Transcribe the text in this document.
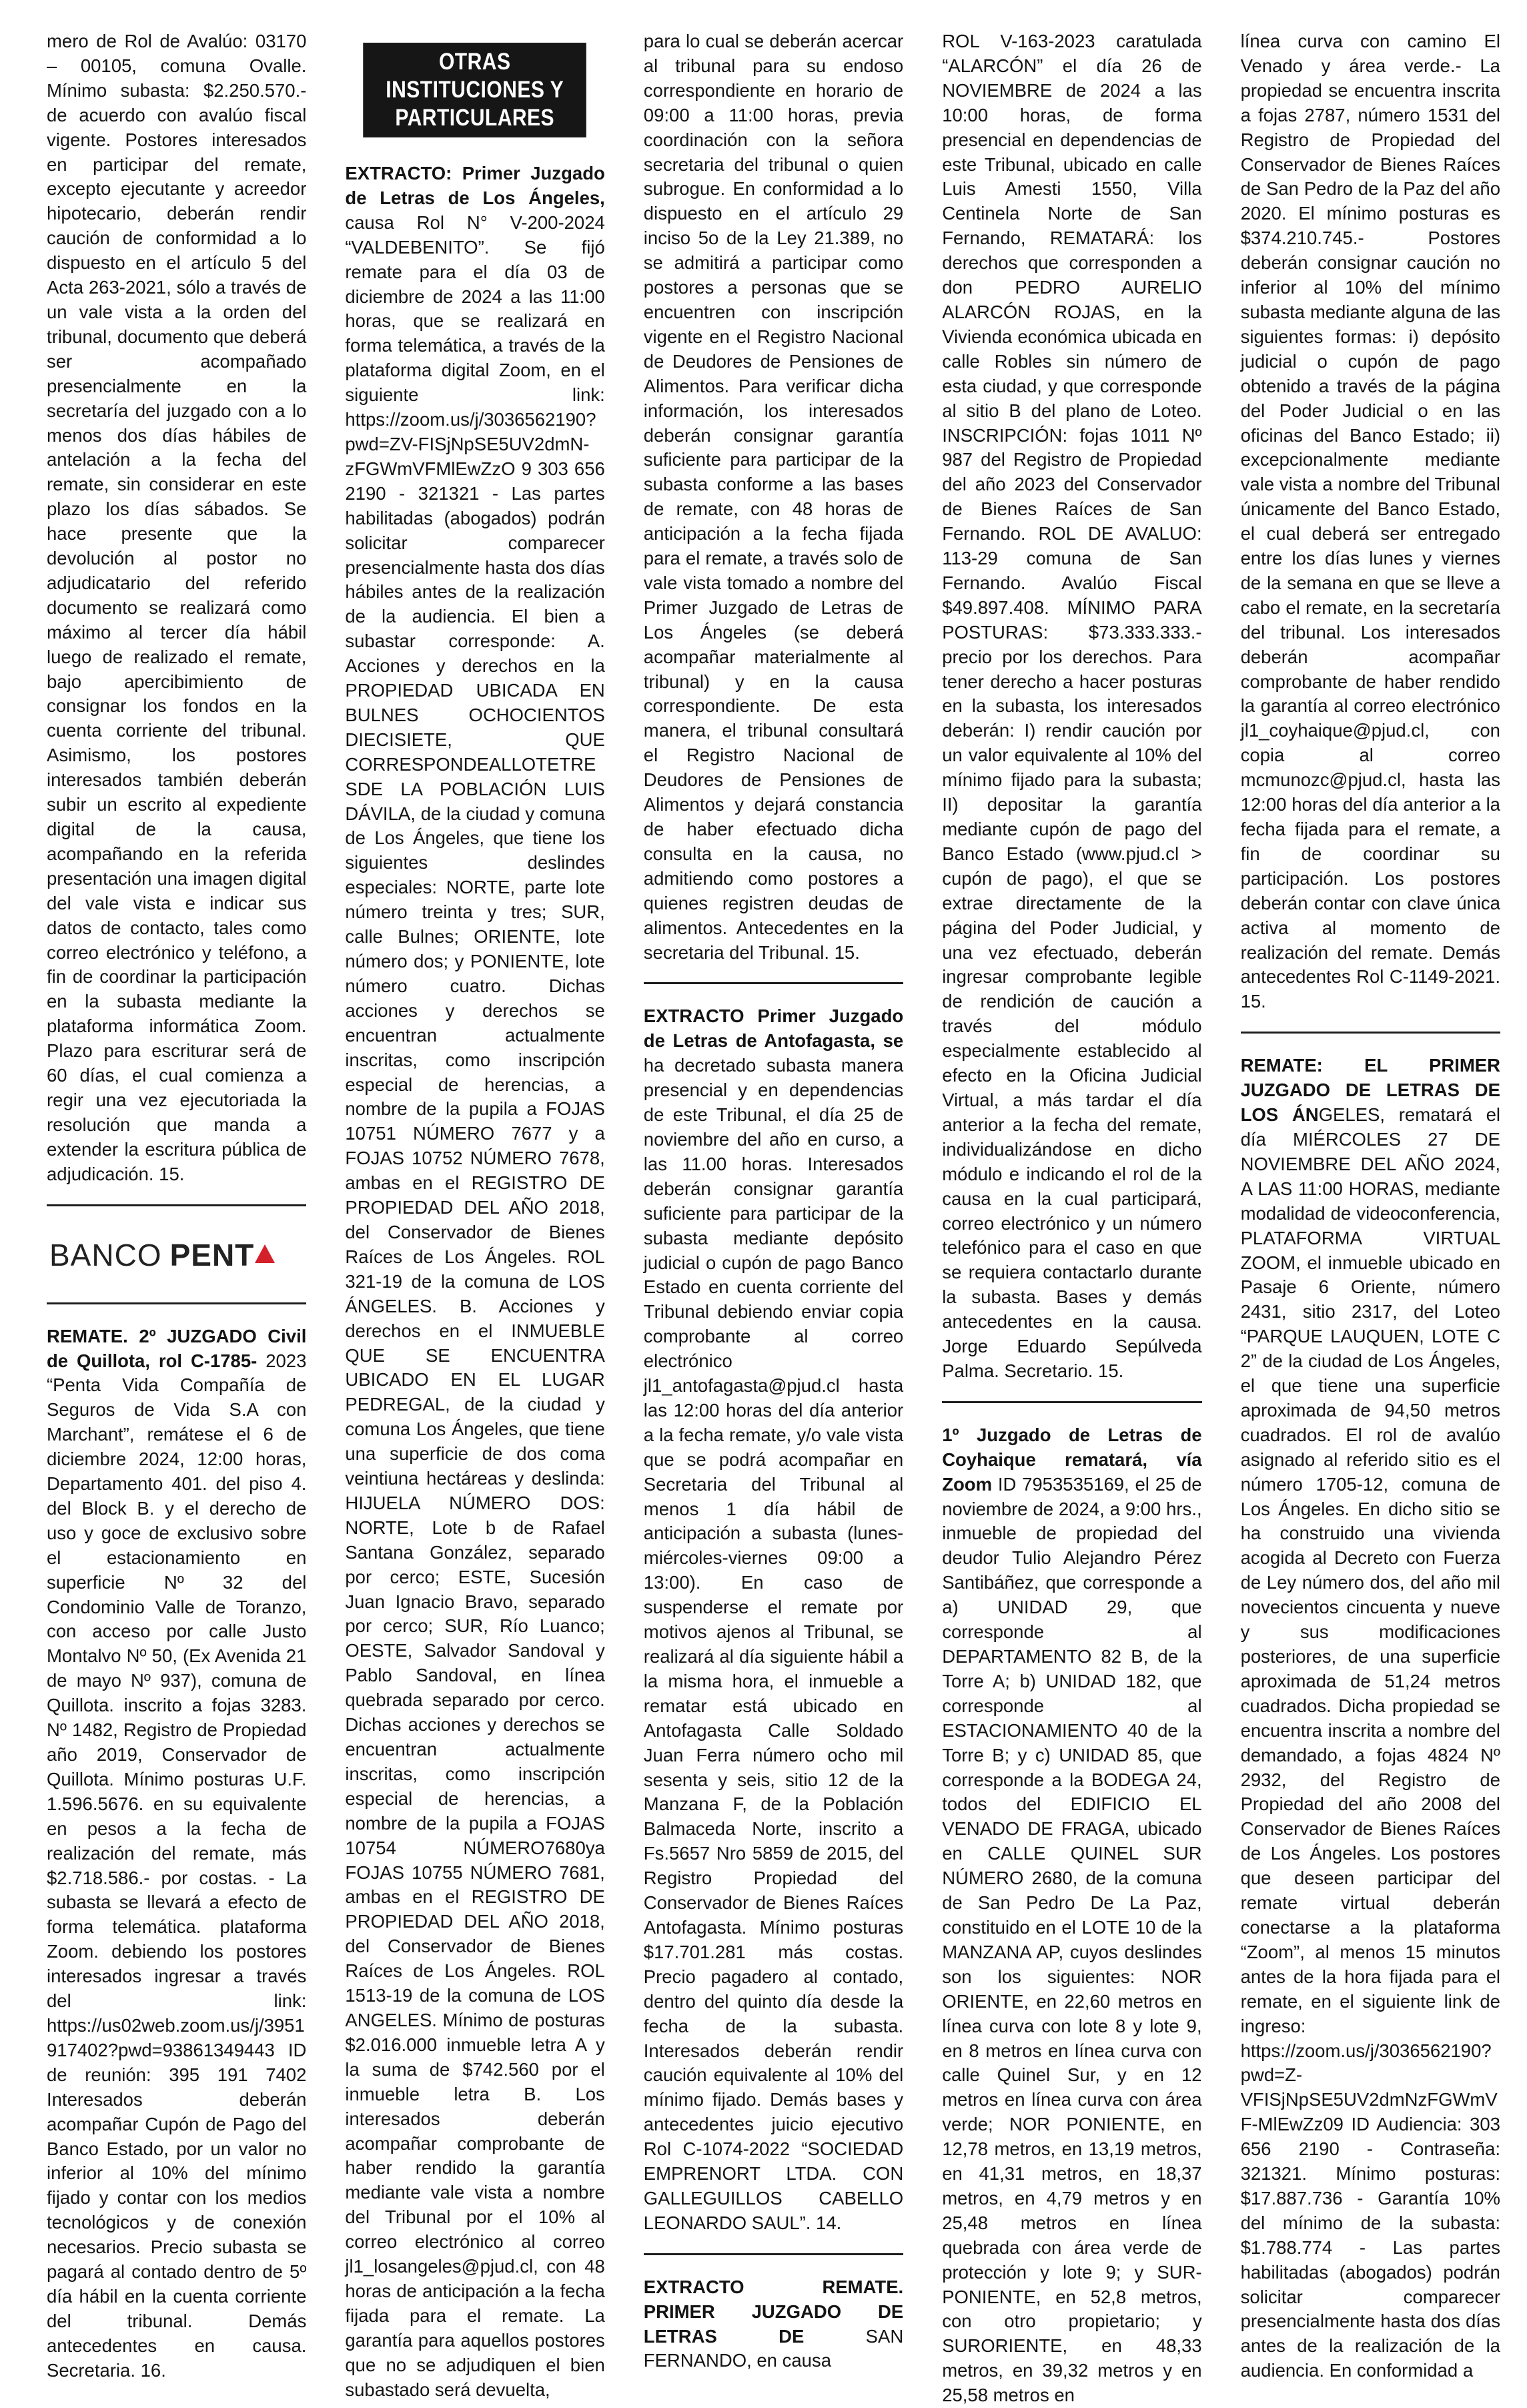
mero de Rol de Avalúo: 03170 – 00105, comuna Ovalle. Mínimo subasta: $2.250.570.- de acuerdo con avalúo fiscal vigente. Postores interesados en participar del remate, excepto ejecutante y acreedor hipotecario, deberán rendir caución de conformidad a lo dispuesto en el artículo 5 del Acta 263-2021, sólo a través de un vale vista a la orden del tribunal, documento que deberá ser acompañado presencialmente en la secretaría del juzgado con a lo menos dos días hábiles de antelación a la fecha del remate, sin considerar en este plazo los días sábados. Se hace presente que la devolución al postor no adjudicatario del referido documento se realizará como máximo al tercer día hábil luego de realizado el remate, bajo apercibimiento de consignar los fondos en la cuenta corriente del tribunal. Asimismo, los postores interesados también deberán subir un escrito al expediente digital de la causa, acompañando en la referida presentación una imagen digital del vale vista e indicar sus datos de contacto, tales como correo electrónico y teléfono, a fin de coordinar la participación en la subasta mediante la plataforma informática Zoom. Plazo para escriturar será de 60 días, el cual comienza a regir una vez ejecutoriada la resolución que manda a extender la escritura pública de adjudicación. 15.

BANCO PENT

REMATE. 2º JUZGADO Civil de Quillota, rol C-1785- 2023 “Penta Vida Compañía de Seguros de Vida S.A con Marchant”, remátese el 6 de diciembre 2024, 12:00 horas, Departamento 401. del piso 4. del Block B. y el derecho de uso y goce de exclusivo sobre el estacionamiento en superficie Nº 32 del Condominio Valle de Toranzo, con acceso por calle Justo Montalvo Nº 50, (Ex Avenida 21 de mayo Nº 937), comuna de Quillota. inscrito a fojas 3283. Nº 1482, Registro de Propiedad año 2019, Conservador de Quillota. Mínimo posturas U.F. 1.596.5676. en su equivalente en pesos a la fecha de realización del remate, más $2.718.586.- por costas. - La subasta se llevará a efecto de forma telemática. plataforma Zoom. debiendo los postores interesados ingresar a través del link: https://us02web.zoom.us/j/3951917402?pwd=93861349443 ID de reunión: 395 191 7402 Interesados deberán acompañar Cupón de Pago del Banco Estado, por un valor no inferior al 10% del mínimo fijado y contar con los medios tecnológicos y de conexión necesarios. Precio subasta se pagará al contado dentro de 5º día hábil en la cuenta corriente del tribunal. Demás antecedentes en causa. Secretaria. 16.

OTRAS INSTITUCIONES Y PARTICULARES

EXTRACTO: Primer Juzgado de Letras de Los Ángeles, causa Rol N° V-200-2024 “VALDEBENITO”. Se fijó remate para el día 03 de diciembre de 2024 a las 11:00 horas, que se realizará en forma telemática, a través de la plataforma digital Zoom, en el siguiente link: https://zoom.us/j/3036562190?pwd=ZV-FISjNpSE5UV2dmN-zFGWmVFMlEwZzO 9 303 656 2190 - 321321 - Las partes habilitadas (abogados) podrán solicitar comparecer presencialmente hasta dos días hábiles antes de la realización de la audiencia. El bien a subastar corresponde: A. Acciones y derechos en la PROPIEDAD UBICADA EN BULNES OCHOCIENTOS DIECISIETE, QUE CORRESPONDEALLOTETRESDE LA POBLACIÓN LUIS DÁVILA, de la ciudad y comuna de Los Ángeles, que tiene los siguientes deslindes especiales: NORTE, parte lote número treinta y tres; SUR, calle Bulnes; ORIENTE, lote número dos; y PONIENTE, lote número cuatro. Dichas acciones y derechos se encuentran actualmente inscritas, como inscripción especial de herencias, a nombre de la pupila a FOJAS 10751 NÚMERO 7677 y a FOJAS 10752 NÚMERO 7678, ambas en el REGISTRO DE PROPIEDAD DEL AÑO 2018, del Conservador de Bienes Raíces de Los Ángeles. ROL 321-19 de la comuna de LOS ÁNGELES. B. Acciones y derechos en el INMUEBLE QUE SE ENCUENTRA UBICADO EN EL LUGAR PEDREGAL, de la ciudad y comuna Los Ángeles, que tiene una superficie de dos coma veintiuna hectáreas y deslinda: HIJUELA NÚMERO DOS: NORTE, Lote b de Rafael Santana González, separado por cerco; ESTE, Sucesión Juan Ignacio Bravo, separado por cerco; SUR, Río Luanco; OESTE, Salvador Sandoval y Pablo Sandoval, en línea quebrada separado por cerco. Dichas acciones y derechos se encuentran actualmente inscritas, como inscripción especial de herencias, a nombre de la pupila a FOJAS 10754 NÚMERO7680ya FOJAS 10755 NÚMERO 7681, ambas en el REGISTRO DE PROPIEDAD DEL AÑO 2018, del Conservador de Bienes Raíces de Los Ángeles. ROL 1513-19 de la comuna de LOS ANGELES. Mínimo de posturas $2.016.000 inmueble letra A y la suma de $742.560 por el inmueble letra B. Los interesados deberán acompañar comprobante de haber rendido la garantía mediante vale vista a nombre del Tribunal por el 10% al correo electrónico al correo jl1_losangeles@pjud.cl, con 48 horas de anticipación a la fecha fijada para el remate. La garantía para aquellos postores que no se adjudiquen el bien subastado será devuelta,

para lo cual se deberán acercar al tribunal para su endoso correspondiente en horario de 09:00 a 11:00 horas, previa coordinación con la señora secretaria del tribunal o quien subrogue. En conformidad a lo dispuesto en el artículo 29 inciso 5o de la Ley 21.389, no se admitirá a participar como postores a personas que se encuentren con inscripción vigente en el Registro Nacional de Deudores de Pensiones de Alimentos. Para verificar dicha información, los interesados deberán consignar garantía suficiente para participar de la subasta conforme a las bases de remate, con 48 horas de anticipación a la fecha fijada para el remate, a través solo de vale vista tomado a nombre del Primer Juzgado de Letras de Los Ángeles (se deberá acompañar materialmente al tribunal) y en la causa correspondiente. De esta manera, el tribunal consultará el Registro Nacional de Deudores de Pensiones de Alimentos y dejará constancia de haber efectuado dicha consulta en la causa, no admitiendo como postores a quienes registren deudas de alimentos. Antecedentes en la secretaria del Tribunal. 15.

EXTRACTO Primer Juzgado de Letras de Antofagasta, se ha decretado subasta manera presencial y en dependencias de este Tribunal, el día 25 de noviembre del año en curso, a las 11.00 horas. Interesados deberán consignar garantía suficiente para participar de la subasta mediante depósito judicial o cupón de pago Banco Estado en cuenta corriente del Tribunal debiendo enviar copia comprobante al correo electrónico jl1_antofagasta@pjud.cl hasta las 12:00 horas del día anterior a la fecha remate, y/o vale vista que se podrá acompañar en Secretaria del Tribunal al menos 1 día hábil de anticipación a subasta (lunes-miércoles-viernes 09:00 a 13:00). En caso de suspenderse el remate por motivos ajenos al Tribunal, se realizará al día siguiente hábil a la misma hora, el inmueble a rematar está ubicado en Antofagasta Calle Soldado Juan Ferra número ocho mil sesenta y seis, sitio 12 de la Manzana F, de la Población Balmaceda Norte, inscrito a Fs.5657 Nro 5859 de 2015, del Registro Propiedad del Conservador de Bienes Raíces Antofagasta. Mínimo posturas $17.701.281 más costas. Precio pagadero al contado, dentro del quinto día desde la fecha de la subasta. Interesados deberán rendir caución equivalente al 10% del mínimo fijado. Demás bases y antecedentes juicio ejecutivo Rol C-1074-2022 “SOCIEDAD EMPRENORT LTDA. CON GALLEGUILLOS CABELLO LEONARDO SAUL”. 14.

EXTRACTO REMATE. PRIMER JUZGADO DE LETRAS DE SAN FERNANDO, en causa

ROL V-163-2023 caratulada “ALARCÓN” el día 26 de NOVIEMBRE de 2024 a las 10:00 horas, de forma presencial en dependencias de este Tribunal, ubicado en calle Luis Amesti 1550, Villa Centinela Norte de San Fernando, REMATARÁ: los derechos que corresponden a don PEDRO AURELIO ALARCÓN ROJAS, en la Vivienda económica ubicada en calle Robles sin número de esta ciudad, y que corresponde al sitio B del plano de Loteo. INSCRIPCIÓN: fojas 1011 Nº 987 del Registro de Propiedad del año 2023 del Conservador de Bienes Raíces de San Fernando. ROL DE AVALUO: 113-29 comuna de San Fernando. Avalúo Fiscal $49.897.408. MÍNIMO PARA POSTURAS: $73.333.333.- precio por los derechos. Para tener derecho a hacer posturas en la subasta, los interesados deberán: I) rendir caución por un valor equivalente al 10% del mínimo fijado para la subasta; II) depositar la garantía mediante cupón de pago del Banco Estado (www.pjud.cl > cupón de pago), el que se extrae directamente de la página del Poder Judicial, y una vez efectuado, deberán ingresar comprobante legible de rendición de caución a través del módulo especialmente establecido al efecto en la Oficina Judicial Virtual, a más tardar el día anterior a la fecha del remate, individualizándose en dicho módulo e indicando el rol de la causa en la cual participará, correo electrónico y un número telefónico para el caso en que se requiera contactarlo durante la subasta. Bases y demás antecedentes en la causa. Jorge Eduardo Sepúlveda Palma. Secretario. 15.

1º Juzgado de Letras de Coyhaique rematará, vía Zoom ID 7953535169, el 25 de noviembre de 2024, a 9:00 hrs., inmueble de propiedad del deudor Tulio Alejandro Pérez Santibáñez, que corresponde a a) UNIDAD 29, que corresponde al DEPARTAMENTO 82 B, de la Torre A; b) UNIDAD 182, que corresponde al ESTACIONAMIENTO 40 de la Torre B; y c) UNIDAD 85, que corresponde a la BODEGA 24, todos del EDIFICIO EL VENADO DE FRAGA, ubicado en CALLE QUINEL SUR NÚMERO 2680, de la comuna de San Pedro De La Paz, constituido en el LOTE 10 de la MANZANA AP, cuyos deslindes son los siguientes: NOR ORIENTE, en 22,60 metros en línea curva con lote 8 y lote 9, en 8 metros en línea curva con calle Quinel Sur, y en 12 metros en línea curva con área verde; NOR PONIENTE, en 12,78 metros, en 13,19 metros, en 41,31 metros, en 18,37 metros, en 4,79 metros y en 25,48 metros en línea quebrada con área verde de protección y lote 9; y SUR-PONIENTE, en 52,8 metros, con otro propietario; y SURORIENTE, en 48,33 metros, en 39,32 metros y en 25,58 metros en

línea curva con camino El Venado y área verde.- La propiedad se encuentra inscrita a fojas 2787, número 1531 del Registro de Propiedad del Conservador de Bienes Raíces de San Pedro de la Paz del año 2020. El mínimo posturas es $374.210.745.- Postores deberán consignar caución no inferior al 10% del mínimo subasta mediante alguna de las siguientes formas: i) depósito judicial o cupón de pago obtenido a través de la página del Poder Judicial o en las oficinas del Banco Estado; ii) excepcionalmente mediante vale vista a nombre del Tribunal únicamente del Banco Estado, el cual deberá ser entregado entre los días lunes y viernes de la semana en que se lleve a cabo el remate, en la secretaría del tribunal. Los interesados deberán acompañar comprobante de haber rendido la garantía al correo electrónico jl1_coyhaique@pjud.cl, con copia al correo mcmunozc@pjud.cl, hasta las 12:00 horas del día anterior a la fecha fijada para el remate, a fin de coordinar su participación. Los postores deberán contar con clave única activa al momento de realización del remate. Demás antecedentes Rol C-1149-2021. 15.

REMATE: EL PRIMER JUZGADO DE LETRAS DE LOS ÁNGELES, rematará el día MIÉRCOLES 27 DE NOVIEMBRE DEL AÑO 2024, A LAS 11:00 HORAS, mediante modalidad de videoconferencia, PLATAFORMA VIRTUAL ZOOM, el inmueble ubicado en Pasaje 6 Oriente, número 2431, sitio 2317, del Loteo “PARQUE LAUQUEN, LOTE C 2” de la ciudad de Los Ángeles, el que tiene una superficie aproximada de 94,50 metros cuadrados. El rol de avalúo asignado al referido sitio es el número 1705-12, comuna de Los Ángeles. En dicho sitio se ha construido una vivienda acogida al Decreto con Fuerza de Ley número dos, del año mil novecientos cincuenta y nueve y sus modificaciones posteriores, de una superficie aproximada de 51,24 metros cuadrados. Dicha propiedad se encuentra inscrita a nombre del demandado, a fojas 4824 Nº 2932, del Registro de Propiedad del año 2008 del Conservador de Bienes Raíces de Los Ángeles. Los postores que deseen participar del remate virtual deberán conectarse a la plataforma “Zoom”, al menos 15 minutos antes de la hora fijada para el remate, en el siguiente link de ingreso: https://zoom.us/j/3036562190?pwd=Z-VFISjNpSE5UV2dmNzFGWmVF-MlEwZz09 ID Audiencia: 303 656 2190 - Contraseña: 321321. Mínimo posturas: $17.887.736 - Garantía 10% del mínimo de la subasta: $1.788.774 - Las partes habilitadas (abogados) podrán solicitar comparecer presencialmente hasta dos días antes de la realización de la audiencia. En conformidad a
